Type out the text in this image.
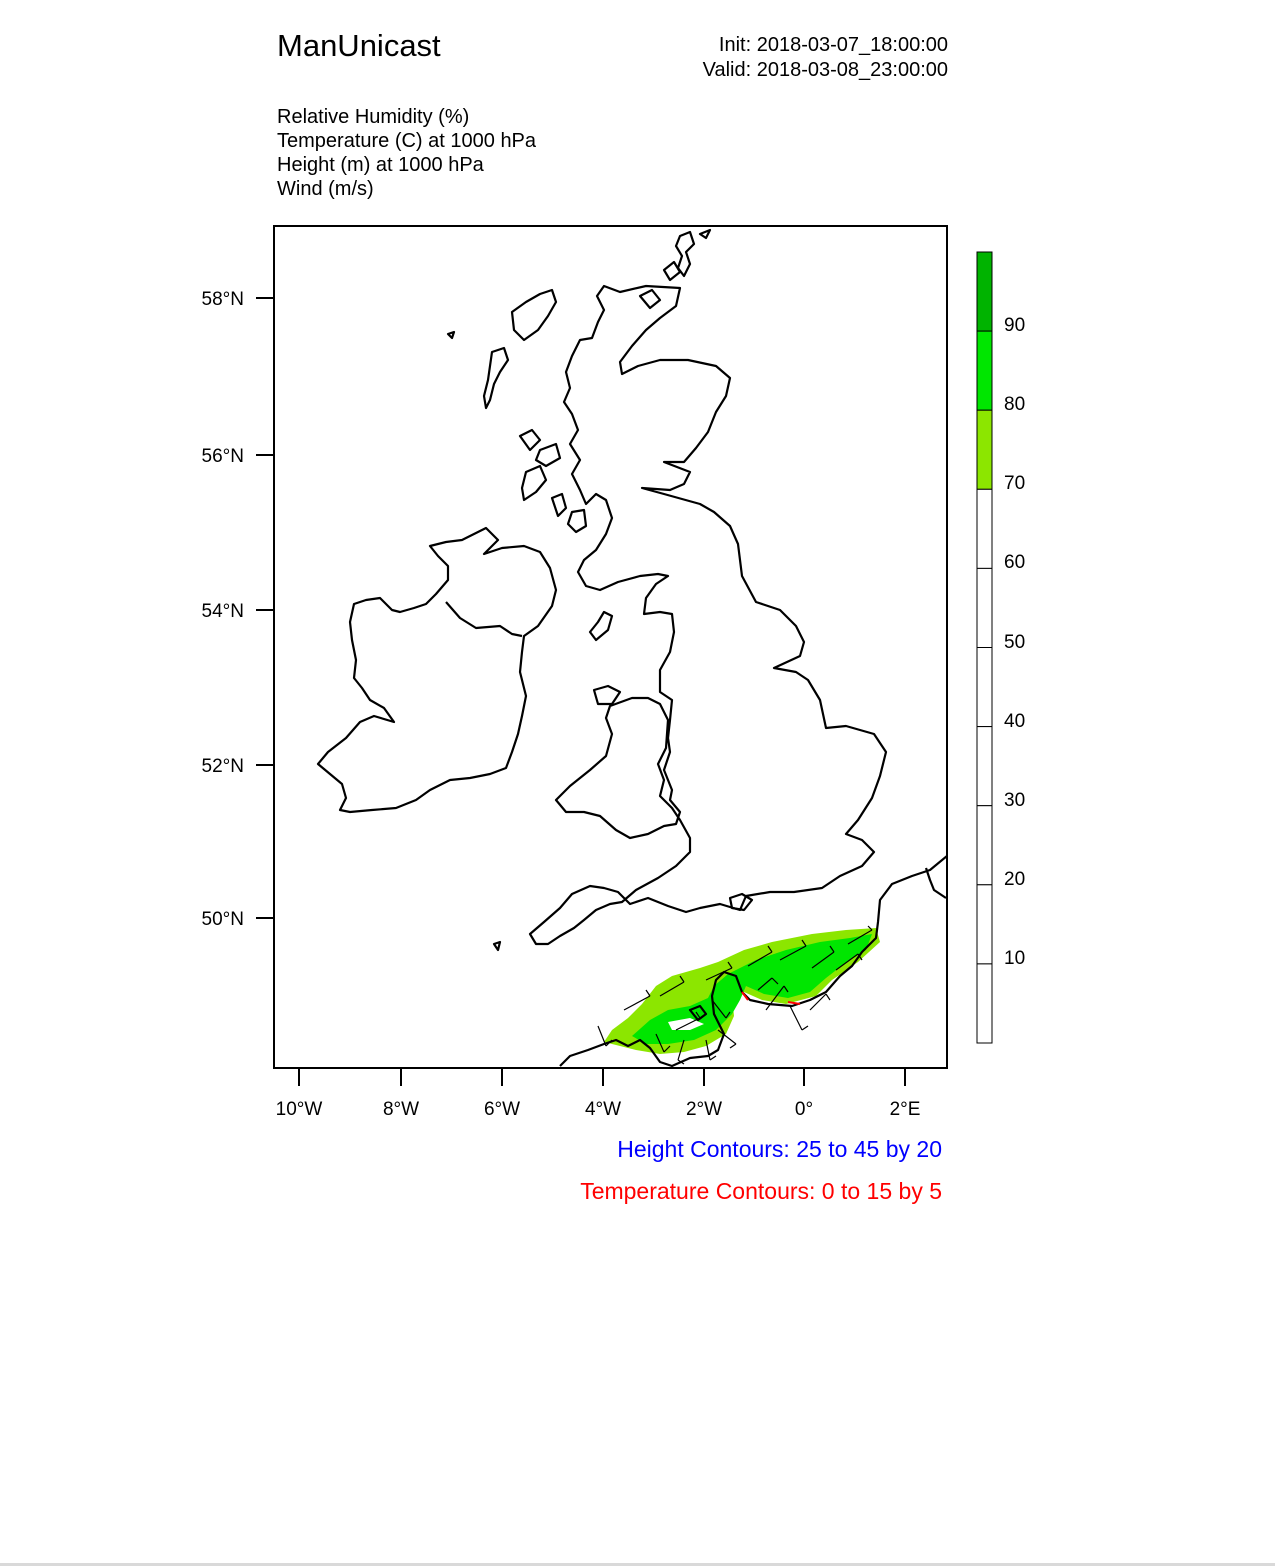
ManUnicast	Init: 2018-03-07_18:00:00
Valid: 2018-03-08_23:00:00
Relative Humidity (%)
Temperature (C) at 1000 hPa
Height (m) at 1000 hPa
Wind (m/s)
58°N
56°N
54°N
52°N
50°N
10°W	8°W	6°W	4°W	2°W	0°	2°E
90
80
70
60
50
40
30
20
10
Height Contours: 25 to 45 by 20
Temperature Contours: 0 to 15 by 5
